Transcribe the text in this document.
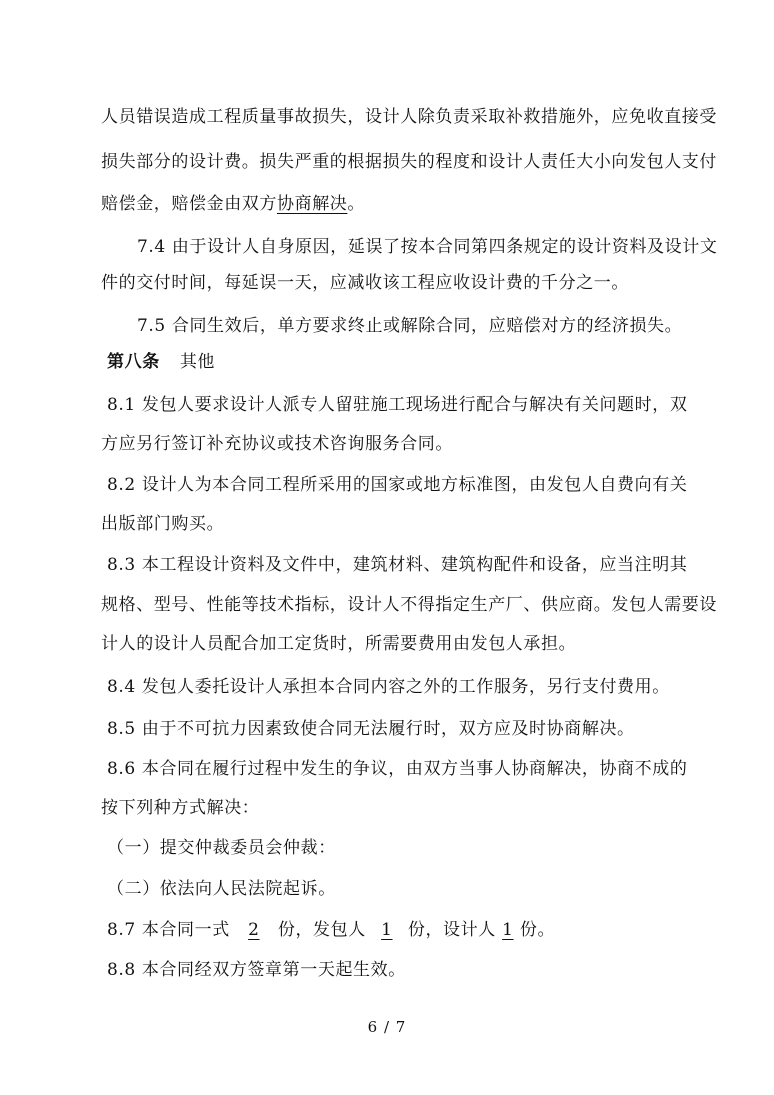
人员错误造成工程质量事故损失，设计人除负责采取补救措施外，应免收直接受
损失部分的设计费。损失严重的根据损失的程度和设计人责任大小向发包人支付
赔偿金，赔偿金由双方协商解决。
7.4 由于设计人自身原因，延误了按本合同第四条规定的设计资料及设计文
件的交付时间，每延误一天，应减收该工程应收设计费的千分之一。
7.5 合同生效后，单方要求终止或解除合同，应赔偿对方的经济损失。
第八条 其他
8.1 发包人要求设计人派专人留驻施工现场进行配合与解决有关问题时，双
方应另行签订补充协议或技术咨询服务合同。
8.2 设计人为本合同工程所采用的国家或地方标准图，由发包人自费向有关
出版部门购买。
8.3 本工程设计资料及文件中，建筑材料、建筑构配件和设备，应当注明其
规格、型号、性能等技术指标，设计人不得指定生产厂、供应商。发包人需要设
计人的设计人员配合加工定货时，所需要费用由发包人承担。
8.4 发包人委托设计人承担本合同内容之外的工作服务，另行支付费用。
8.5 由于不可抗力因素致使合同无法履行时，双方应及时协商解决。
8.6 本合同在履行过程中发生的争议，由双方当事人协商解决，协商不成的
按下列种方式解决：
（一）提交仲裁委员会仲裁：
（二）依法向人民法院起诉。
8.7 本合同一式 2 份，发包人 1 份，设计人 1 份。
8.8 本合同经双方签章第一天起生效。
6 / 7
